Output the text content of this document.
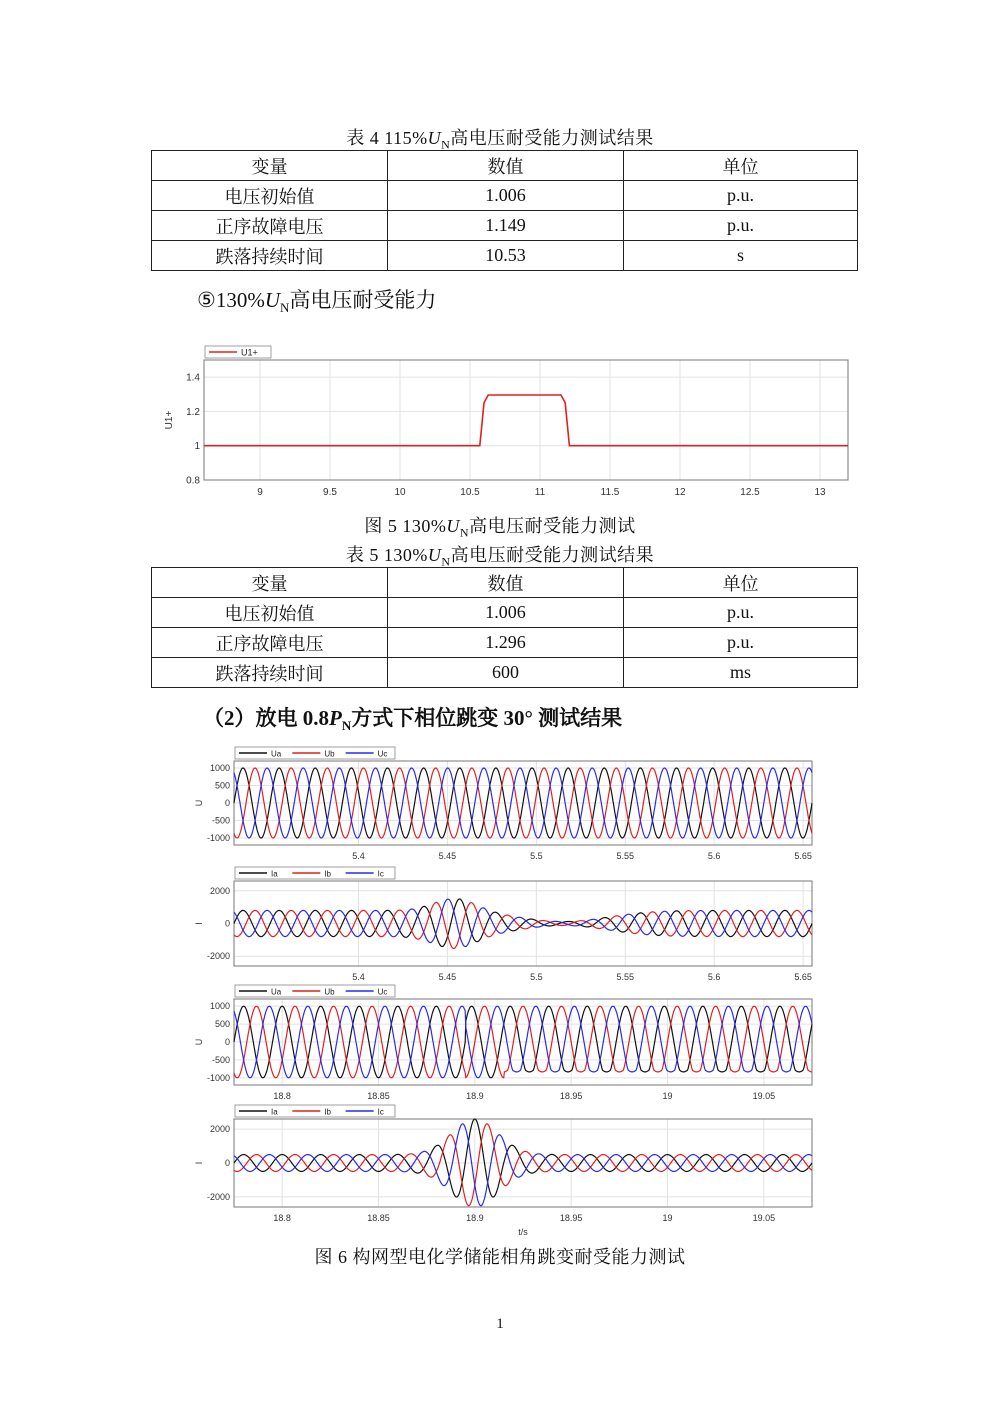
表 4 $115\%U_N$高电压耐受能力测试结果
变量	数值	单位
电压初始值	1.006	p.u.
正序故障电压	1.149	p.u.
跌落持续时间	10.53	s
$⑤130\%U_N$高电压耐受能力
9	9.5	10	10.5	11	11.5	12	12.5	13
0.8
1
1.2
1.4
U1+
U1+
图 5 $130\%U_N$高电压耐受能力测试
表 5 $130\%U_N$高电压耐受能力测试结果
变量	数值	单位
电压初始值	1.006	p.u.
正序故障电压	1.296	p.u.
跌落持续时间	600	ms
（2）放电 $0.8P_N$方式下相位跳变 30° 测试结果
5.4	5.45	5.5	5.55	5.6	5.65
-1000
-500
0
500
1000
U
Ua	Ub	Uc
5.4	5.45	5.5	5.55	5.6	5.65
-2000
0
2000
I
Ia	Ib	Ic
18.8	18.85	18.9	18.95	19	19.05
-1000
-500
0
500
1000
U
Ua	Ub	Uc
18.8	18.85	18.9	18.95	19	19.05
-2000
0
2000
I
t/s
Ia	Ib	Ic
图 6 构网型电化学储能相角跳变耐受能力测试
1
